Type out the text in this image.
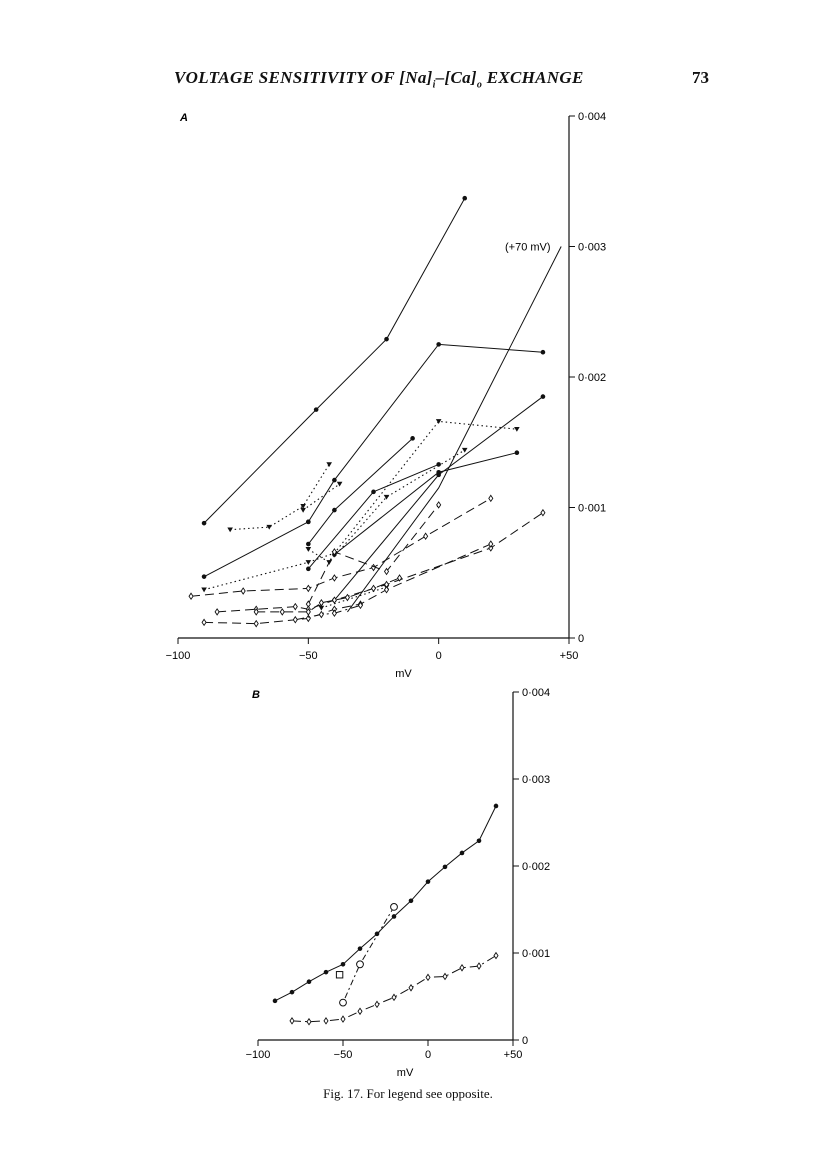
VOLTAGE SENSITIVITY OF $[Na]_i-[Ca]_o$ EXCHANGE	73
A
−100	−50	0	+50
mV
0
0·001
0·002
0·003
0·004
(+70 mV)
B
−100	−50	0	+50
mV
0
0·001
0·002
0·003
0·004
Fig. 17. For legend see opposite.
